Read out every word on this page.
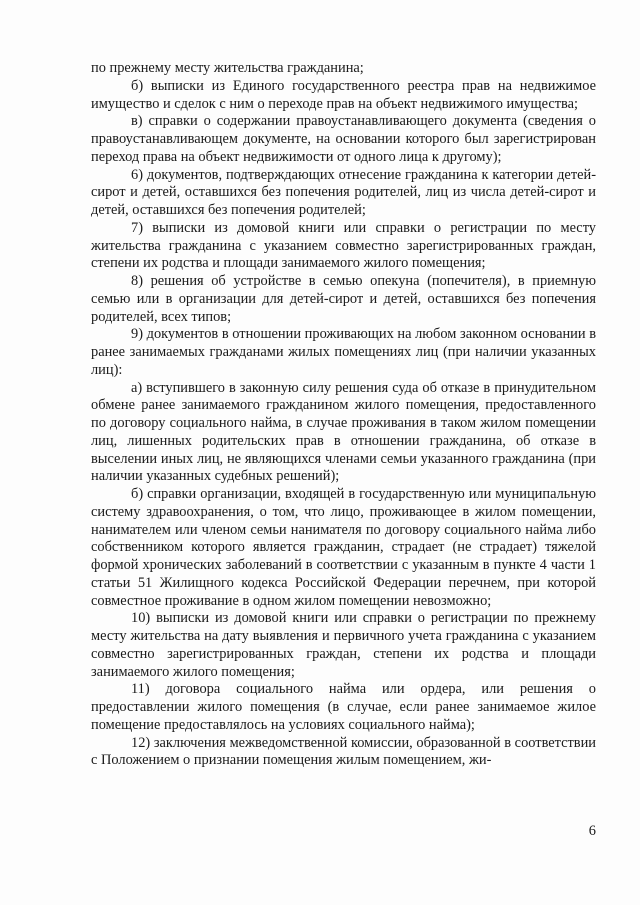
по прежнему месту жительства гражданина;

б) выписки из Единого государственного реестра прав на недвижимое имущество и сделок с ним о переходе прав на объект недвижимого имущества;

в) справки о содержании правоустанавливающего документа (сведения о правоустанавливающем документе, на основании которого был зарегистрирован переход права на объект недвижимости от одного лица к другому);

6) документов, подтверждающих отнесение гражданина к категории детей-сирот и детей, оставшихся без попечения родителей, лиц из числа детей-сирот и детей, оставшихся без попечения родителей;

7) выписки из домовой книги или справки о регистрации по месту жительства гражданина с указанием совместно зарегистрированных граждан, степени их родства и площади занимаемого жилого помещения;

8) решения об устройстве в семью опекуна (попечителя), в приемную семью или в организации для детей-сирот и детей, оставшихся без попечения родителей, всех типов;

9) документов в отношении проживающих на любом законном основании в ранее занимаемых гражданами жилых помещениях лиц (при наличии указанных лиц):

а) вступившего в законную силу решения суда об отказе в принудительном обмене ранее занимаемого гражданином жилого помещения, предоставленного по договору социального найма, в случае проживания в таком жилом помещении лиц, лишенных родительских прав в отношении гражданина, об отказе в выселении иных лиц, не являющихся членами семьи указанного гражданина (при наличии указанных судебных решений);

б) справки организации, входящей в государственную или муниципальную систему здравоохранения, о том, что лицо, проживающее в жилом помещении, нанимателем или членом семьи нанимателя по договору социального найма либо собственником которого является гражданин, страдает (не страдает) тяжелой формой хронических заболеваний в соответствии с указанным в пункте 4 части 1 статьи 51 Жилищного кодекса Российской Федерации перечнем, при которой совместное проживание в одном жилом помещении невозможно;

10) выписки из домовой книги или справки о регистрации по прежнему месту жительства на дату выявления и первичного учета гражданина с указанием совместно зарегистрированных граждан, степени их родства и площади занимаемого жилого помещения;

11) договора социального найма или ордера, или решения о предоставлении жилого помещения (в случае, если ранее занимаемое жилое помещение предоставлялось на условиях социального найма);

12) заключения межведомственной комиссии, образованной в соответствии с Положением о признании помещения жилым помещением, жи-

6
